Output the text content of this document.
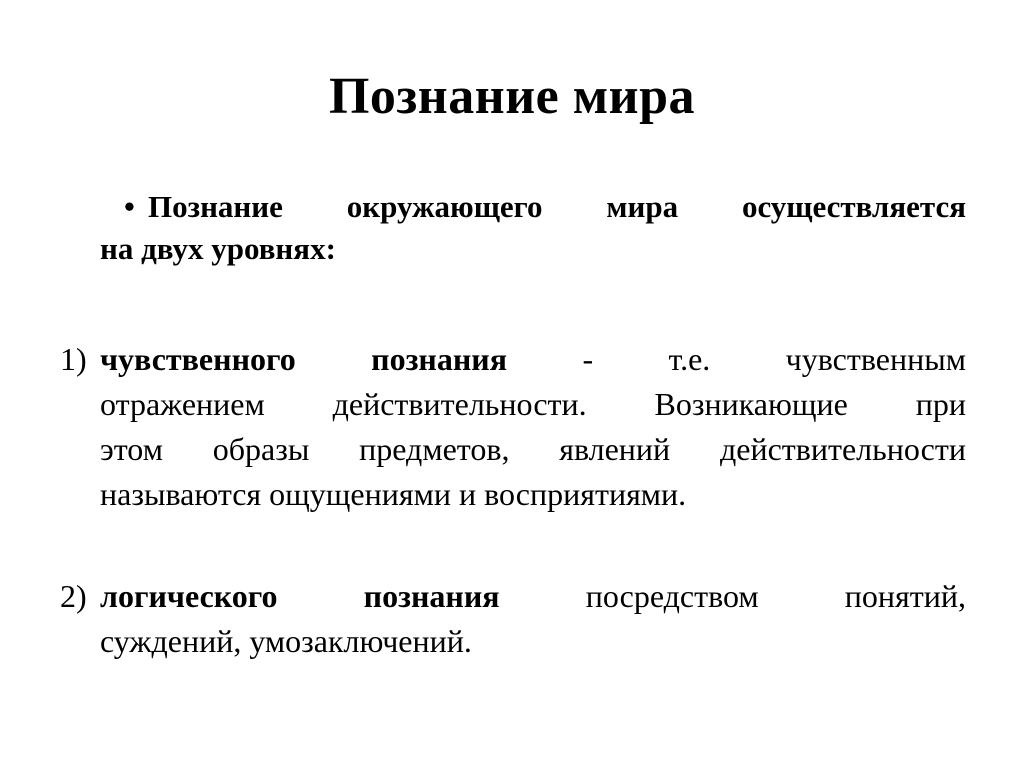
Познание мира
• Познание окружающего мира осуществляется
на двух уровнях:
1) чувственного познания - т.е. чувственным
отражением действительности. Возникающие при
этом образы предметов, явлений действительности
называются ощущениями и восприятиями.
2) логического	познания	посредством	понятий,
суждений, умозаключений.
